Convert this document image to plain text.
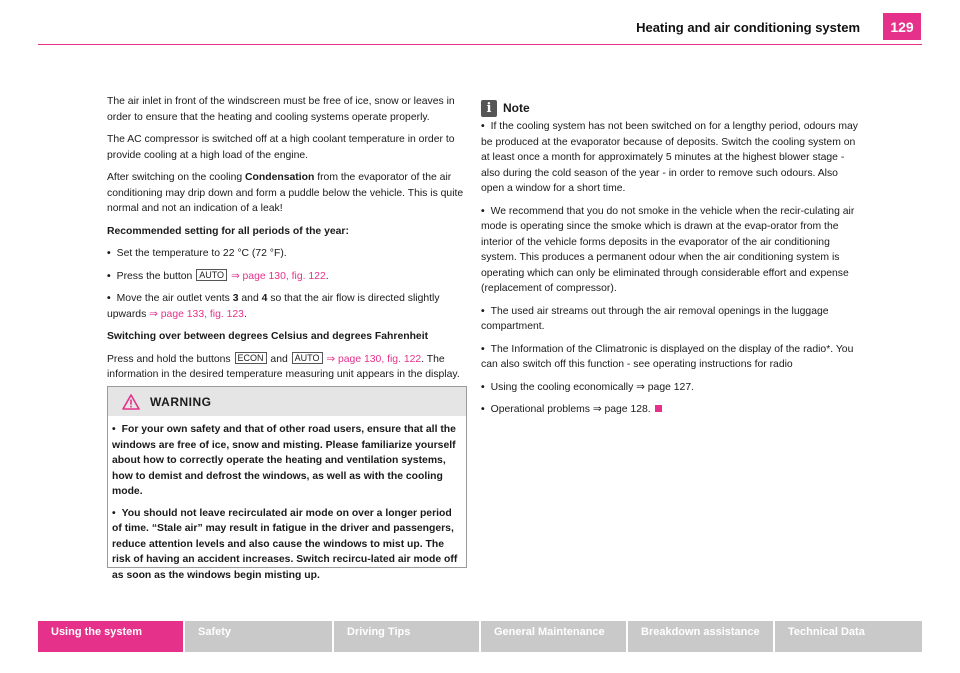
Heating and air conditioning system	129

The air inlet in front of the windscreen must be free of ice, snow or leaves in order to ensure that the heating and cooling systems operate properly.

The AC compressor is switched off at a high coolant temperature in order to provide cooling at a high load of the engine.

After switching on the cooling Condensation from the evaporator of the air conditioning may drip down and form a puddle below the vehicle. This is quite normal and not an indication of a leak!

Recommended setting for all periods of the year:

• Set the temperature to 22 °C (72 °F).

• Press the button AUTO ⇒ page 130, fig. 122.

• Move the air outlet vents 3 and 4 so that the air flow is directed slightly upwards ⇒ page 133, fig. 123.

Switching over between degrees Celsius and degrees Fahrenheit

Press and hold the buttons ECON and AUTO ⇒ page 130, fig. 122. The information in the desired temperature measuring unit appears in the display.

WARNING

• For your own safety and that of other road users, ensure that all the windows are free of ice, snow and misting. Please familiarize yourself about how to correctly operate the heating and ventilation systems, how to demist and defrost the windows, as well as with the cooling mode.

• You should not leave recirculated air mode on over a longer period of time. “Stale air” may result in fatigue in the driver and passengers, reduce attention levels and also cause the windows to mist up. The risk of having an accident increases. Switch recircu-lated air mode off as soon as the windows begin misting up.

i Note

• If the cooling system has not been switched on for a lengthy period, odours may be produced at the evaporator because of deposits. Switch the cooling system on at least once a month for approximately 5 minutes at the highest blower stage - also during the cold season of the year - in order to remove such odours. Also open a window for a short time.

• We recommend that you do not smoke in the vehicle when the recir-culating air mode is operating since the smoke which is drawn at the evap-orator from the interior of the vehicle forms deposits in the evaporator of the air conditioning system. This produces a permanent odour when the air conditioning system is operating which can only be eliminated through considerable effort and expense (replacement of compressor).

• The used air streams out through the air removal openings in the luggage compartment.

• The Information of the Climatronic is displayed on the display of the radio*. You can also switch off this function - see operating instructions for radio

• Using the cooling economically ⇒ page 127.

• Operational problems ⇒ page 128.

Using the system	Safety	Driving Tips	General Maintenance	Breakdown assistance	Technical Data
